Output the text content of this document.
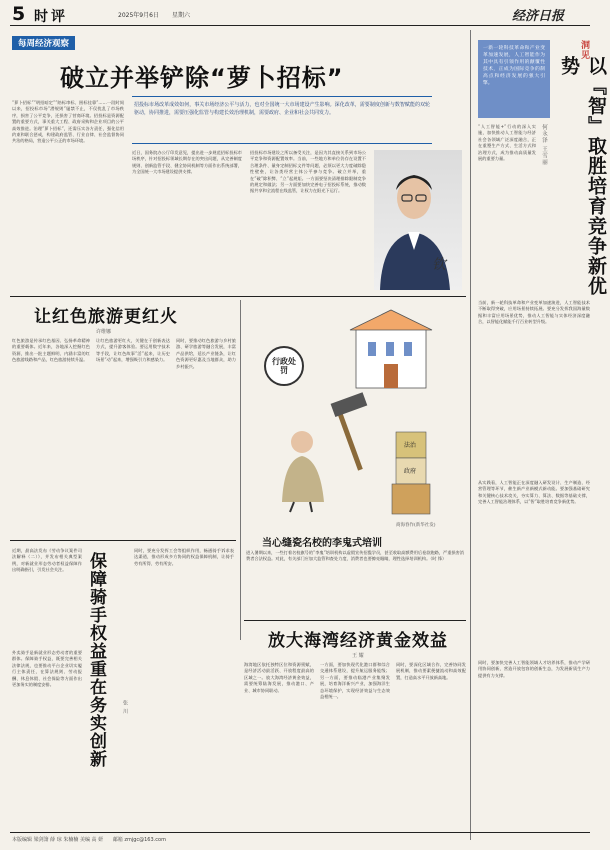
5 时评	2025年9月6日 星期六	经济日报
每周经济观察
破立并举铲除“萝卜招标”
招投标市场改革成效如何，事关市场经济公平与活力，也对全国统一大市场建设产生影响。深化改革，需要制度创新与数智赋能的双轮驱动，协同推进，需要压强化监管与构建长效治理机制，需要政府、企业和社会共同发力。
钦
“萝卜招标”“明招暗定”“陪标串标、围标挂靠”……一段时间以来，招投标市场“潜规则”屡禁不止，不仅扰乱了市场秩序，损害了公平竞争，还损害了营商环境。招投标是资源配置的重要方式，事关重大工程、政府采购和企业项目的公平高效推进。治理“萝卜招标”，还需压实各方责任，强化信用约束和联合惩戒，构建政府监管、行业自律、社会监督协同共治的格局，营造公平公正的市场环境。
近日，国务院办公厅印发意见，提出进一步规范招标投标市场秩序，针对招投标领域长期存在的突出问题，从完善制度规则、创新监管手段、健全协同机制等方面作出系统部署，为全国统一大市场建设提供支撑。
招投标市场建设之所以备受关注，是因为其直接关系到市场公平竞争和资源配置效率。当前，一些地方和单位仍存在设置不合理条件、量身定制招标文件等问题，必须以更大力度破除隐性壁垒，让各类经营主体公平参与竞争。破立并举，重在“破”除积弊、“立”起规矩。一方面要坚决清理排除限制竞争的规定和做法；另一方面要加快完善电子招投标系统，推动数据共享和全流程在线监管，让权力在阳光下运行。
一新一轮科技革命和产业变革加速发展，人工智能作为其中具有引领作用的颠覆性技术，正成为国际竞争的制高点和经济发展的强大引擎。
洞见
以『智』取胜培育竞争新优势
何永泽 王雪丽
“人工智能+”行动的深入实施，加快推动人工智能与经济社会各领域广泛深度融合，正在重塑生产方式、生活方式和治理方式，成为推动高质量发展的重要力量。
当前，新一轮科技革命和产业变革加速演进，人工智能技术不断取得突破，应用场景持续拓展。要充分发挥我国海量数据和丰富应用场景优势，推动人工智能与实体经济深度融合，以智能化赋能千行百业转型升级。
从实践看，人工智能正在深度融入研发设计、生产制造、经营管理等环节，催生新产业新模式新动能。要加强基础研究和关键核心技术攻关，夯实算力、算法、数据等基础支撑，完善人工智能治理体系，以“智”取胜培育竞争新优势。
同时，要加快完善人工智能领域人才培养体系，推动产学研用协同创新，营造开放包容的创新生态，为发展新质生产力提供有力支撑。
让红色旅游更红火
许维娜
红色旅游是传承红色基因、弘扬革命精神的重要载体。近年来，各地深入挖掘红色资源，推出一批主题鲜明、内涵丰富的红色旅游线路和产品，红色旅游持续升温。
让红色旅游更红火，关键在于创新表达方式，提升游客体验。要运用数字技术等手段，让红色故事“活”起来，让历史场景“动”起来，增强吸引力和感染力。
同时，要推动红色旅游与乡村旅游、研学旅游等融合发展，丰富产品供给，延长产业链条，让红色资源更好惠及当地群众，助力乡村振兴。
行政处罚
法治
政府
商海春作(新华社发)
当心缝瓷名校的李鬼式培训
进入暑期以来，一些打着名校旗号的“李鬼”培训机构以虚假宣传招揽学员，甚至收取高额费用后卷款跑路，严重损害消费者合法权益。对此，有关部门应加大监管和查处力度，消费者也要擦亮眼睛，理性选择培训机构。（时 锋）
近期，最高法发布《劳动争议案件司法解释（二）》，并发布相关典型案例，对新就业形态劳动者权益保障作出明确指引，引发社会关注。
外卖骑手是新就业形态劳动者的重要群体。保障骑手权益，既要完善相关法律法规，也要推动平台企业切实履行主体责任，在算法规则、劳动报酬、休息休假、社会保险等方面作出更加务实的制度安排。	保障骑手权益重在务实创新	张 川
同时，要充分发挥工会等组织作用，畅通骑手诉求表达渠道，推动形成多方协同的权益保障机制，让骑手劳有所得、劳有所安。
放大海湾经济黄金效益
王 耀
海湾地区依托独特区位和资源禀赋，是经济活动最活跃、开放程度最高的区域之一。放大海湾经济黄金效益，需要统筹陆海发展，推动港口、产业、城市协同联动。
一方面，要加快现代化港口群和综合交通体系建设，提升航运服务能级；另一方面，要推动临港产业集聚发展，培育海洋新兴产业，加强海洋生态环境保护，实现经济效益与生态效益相统一。
同时，要深化区域合作，完善协同发展机制，推动要素便捷流动和高效配置，打造高水平开放新高地。
本版编辑 梁剑箫 薛 琼 朱楠楠 美编 高 妍 邮箱 zmjgc@163.com
